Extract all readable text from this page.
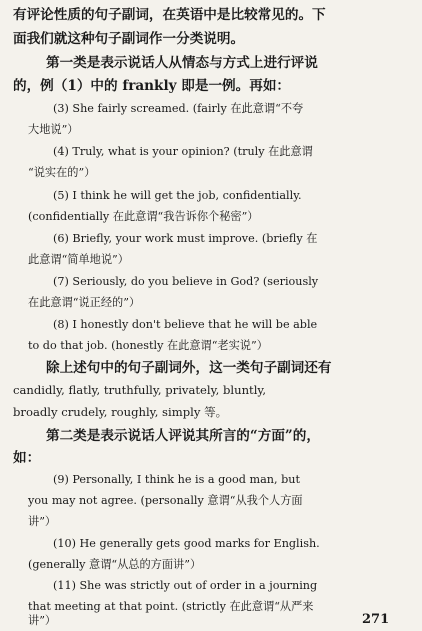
有评论性质的句子副词，在英语中是比较常见的。下
面我们就这种句子副词作一分类说明。
第一类是表示说话人从情态与方式上进行评说
的，例（1）中的 frankly 即是一例。再如：
(3) She fairly screamed. (fairly 在此意谓“不夸
大地说”）
(4) Truly, what is your opinion? (truly 在此意谓
“说实在的”）
(5) I think he will get the job, confidentially.
(confidentially 在此意谓“我告诉你个秘密”）
(6) Briefly, your work must improve. (briefly 在
此意谓“简单地说”）
(7) Seriously, do you believe in God? (seriously
在此意谓“说正经的”）
(8) I honestly don't believe that he will be able
to do that job. (honestly 在此意谓“老实说”）
除上述句中的句子副词外，这一类句子副词还有
candidly, flatly, truthfully, privately, bluntly,
broadly crudely, roughly, simply 等。
第二类是表示说话人评说其所言的“方面”的，
如：
(9) Personally, I think he is a good man, but
you may not agree. (personally 意谓“从我个人方面
讲”）
(10) He generally gets good marks for English.
(generally 意谓“从总的方面讲”）
(11) She was strictly out of order in a journing
that meeting at that point. (strictly 在此意谓“从严来
讲”）	271
